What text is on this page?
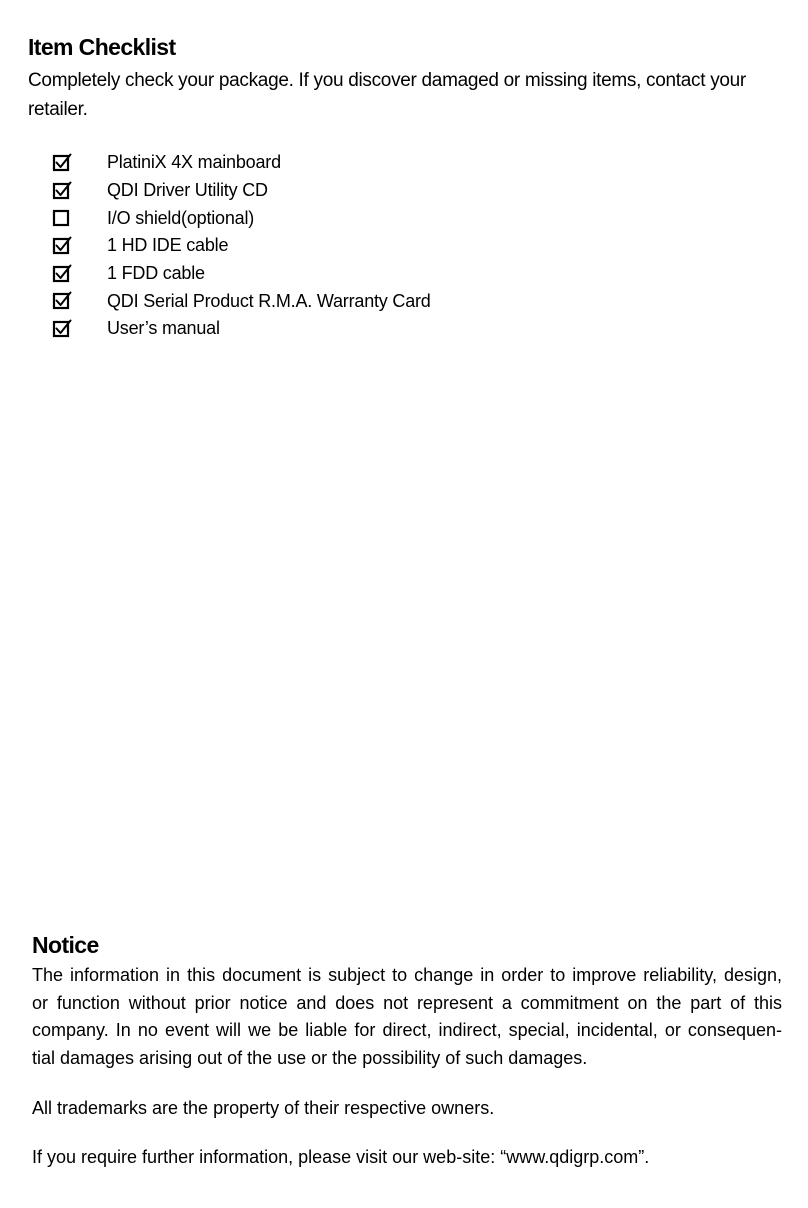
Item Checklist

Completely check your package. If you discover damaged or missing items, contact your retailer.

PlatiniX 4X mainboard
QDI Driver Utility CD
I/O shield(optional)
1 HD IDE cable
1 FDD cable
QDI Serial Product R.M.A. Warranty Card
User’s manual
Notice

The information in this document is subject to change in order to improve reliability, design,
or function without prior notice and does not represent a commitment on the part of this
company. In no event will we be liable for direct, indirect, special, incidental, or consequen-
tial damages arising out of the use or the possibility of such damages.

All trademarks are the property of their respective owners.

If you require further information, please visit our web-site: “www.qdigrp.com”.
